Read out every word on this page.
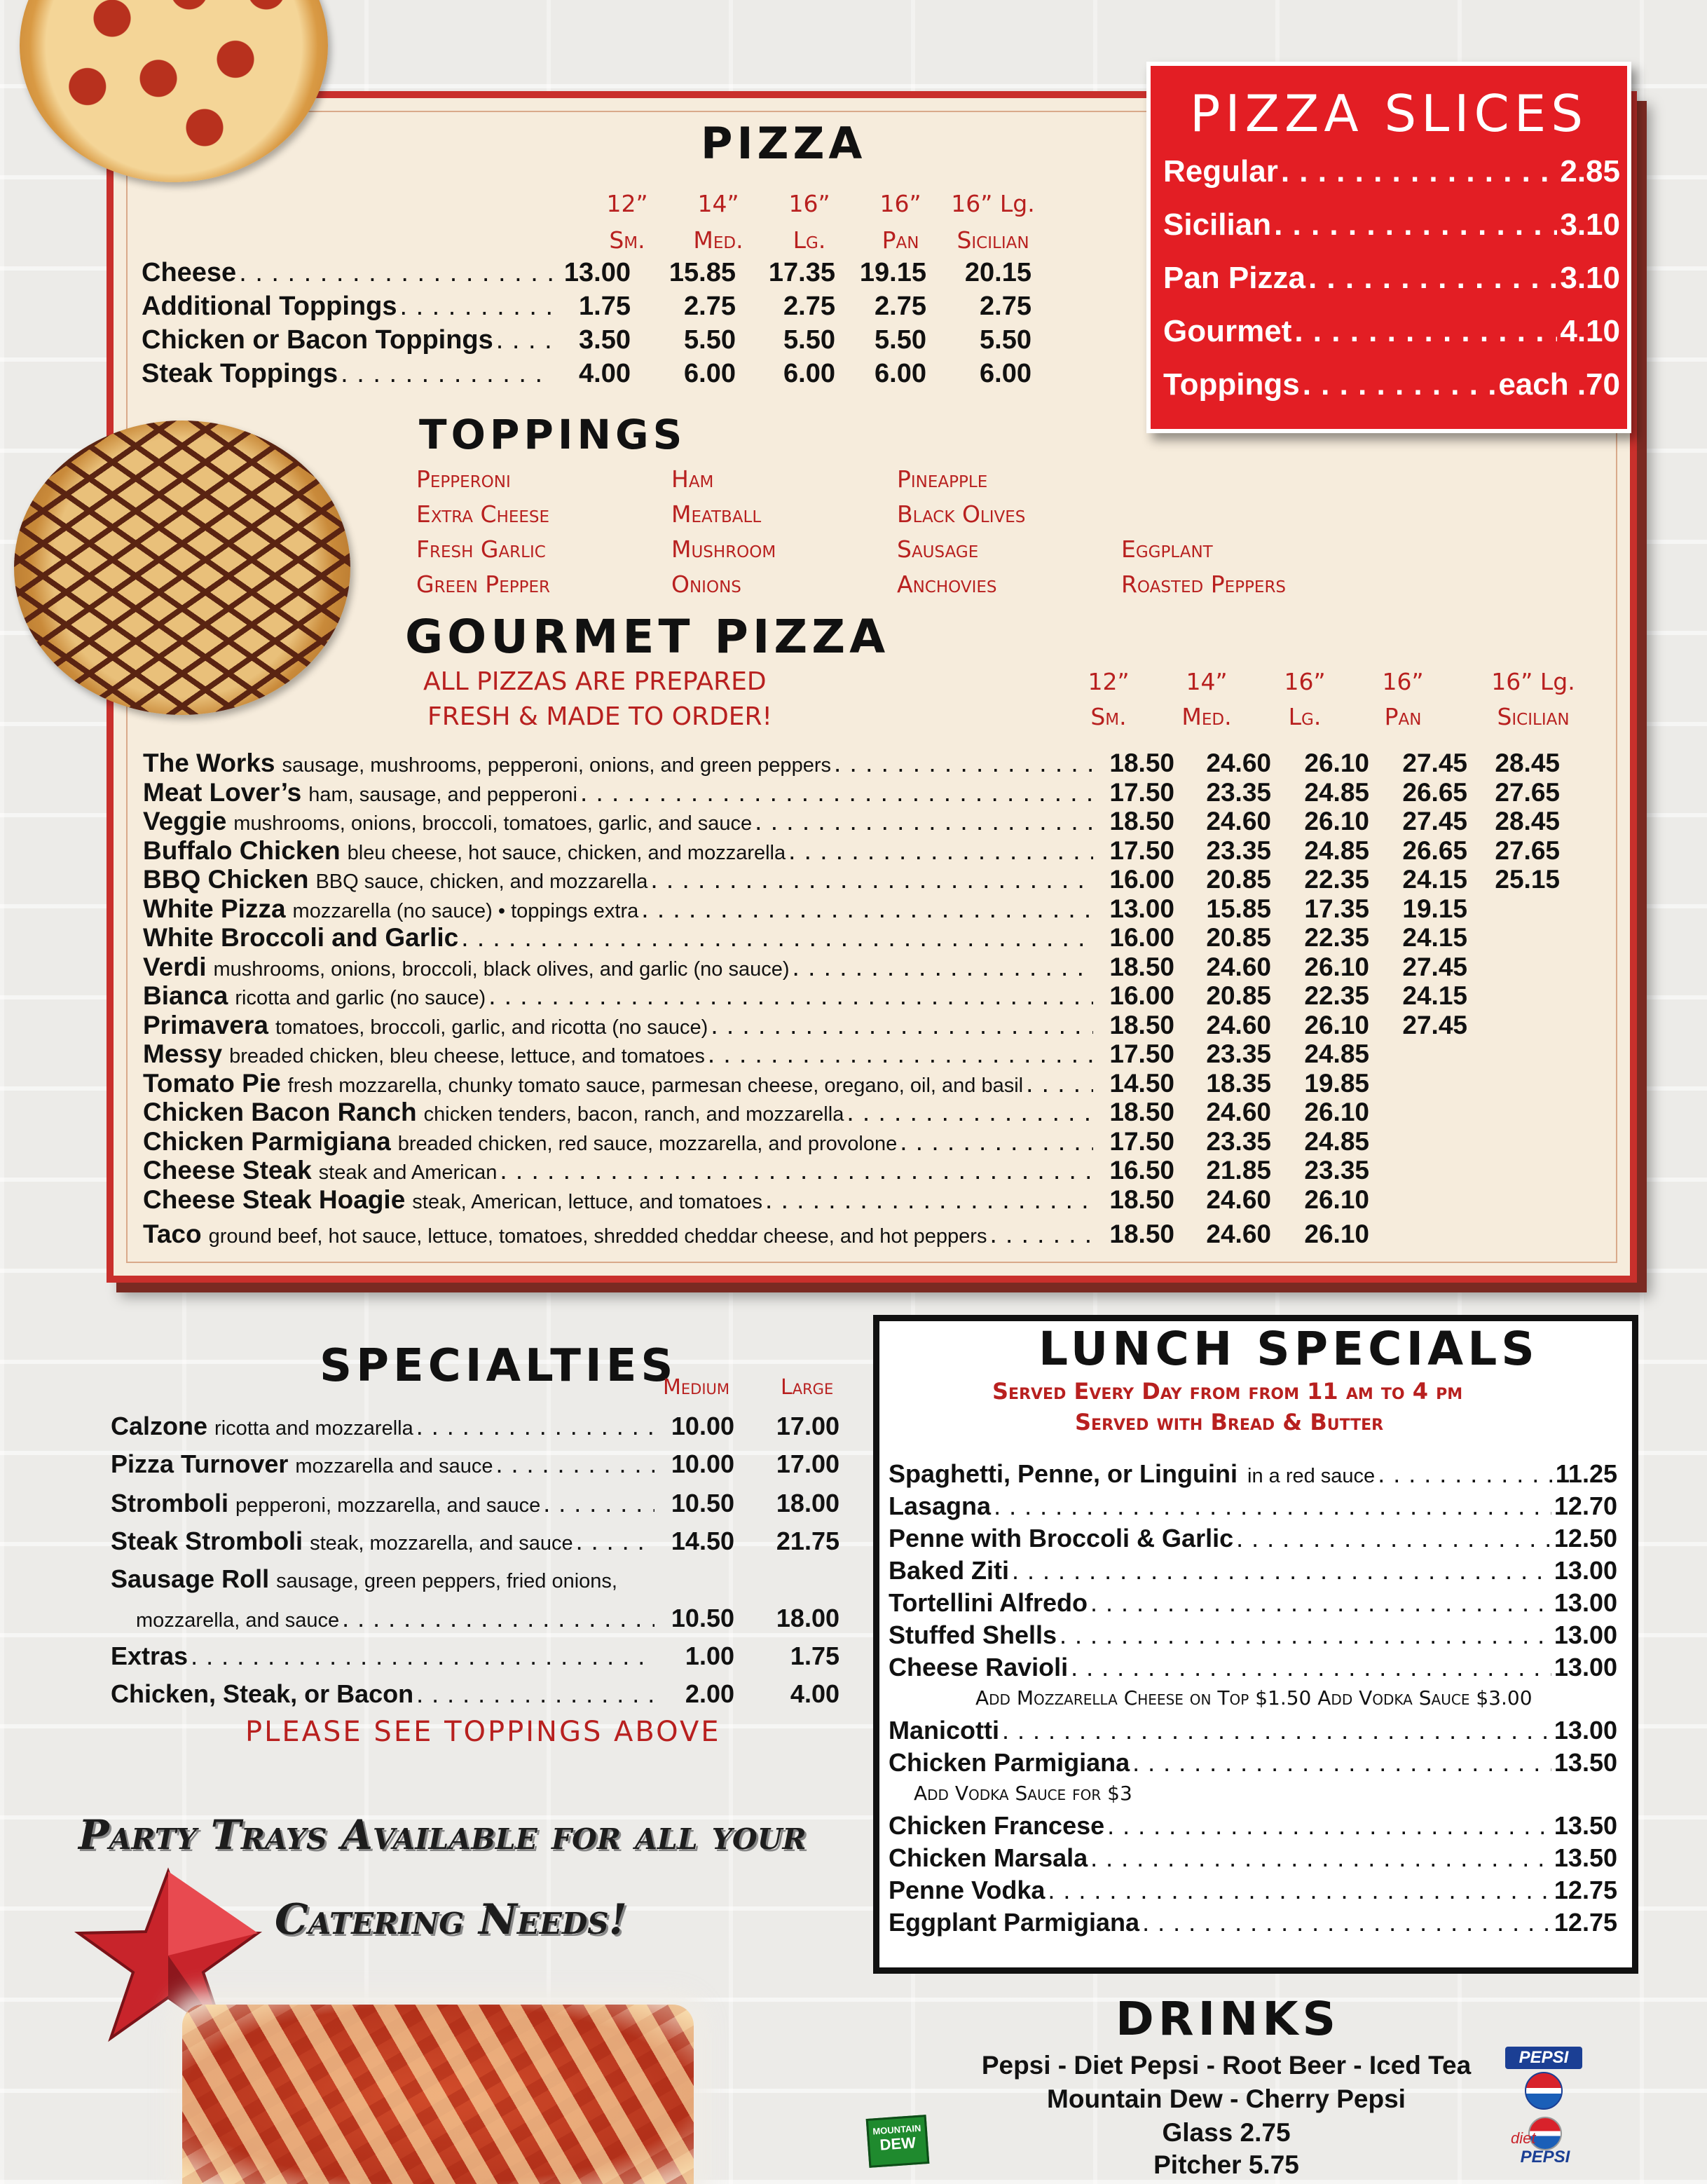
PIZZA
12”
Sm.
14”
Med.
16”
Lg.
16”
Pan
16” Lg.
Sicilian
Cheese . . .	13.00	15.85	17.35 19.15	20.15
Additional Toppings . . .	1.75	2.75	2.75	2.75	2.75
Chicken or Bacon Toppings . . .	3.50	5.50	5.50	5.50	5.50
Steak Toppings . . .	4.00	6.00	6.00	6.00	6.00
PIZZA SLICES
Regular . . .	2.85
Sicilian . . .	3.10
Pan Pizza . . .	3.10
Gourmet . . .	4.10
Toppings . . .	each .70
TOPPINGS
Pepperoni
Extra Cheese
Fresh Garlic
Green Pepper
Ham
Meatball
Mushroom
Onions
Pineapple
Black Olives
Sausage
Anchovies
Eggplant
Roasted Peppers
GOURMET PIZZA
ALL PIZZAS ARE PREPARED
FRESH & MADE TO ORDER!
12”
Sm.
14”
Med.
16”
Lg.
16”
Pan
16” Lg.
Sicilian
The Works sausage, mushrooms, pepperoni, onions, and green peppers . . .	18.50	24.60	26.10	27.45	28.45
Meat Lover’s ham, sausage, and pepperoni . . .	17.50	23.35	24.85	26.65	27.65
Veggie mushrooms, onions, broccoli, tomatoes, garlic, and sauce . . .	18.50	24.60	26.10	27.45	28.45
Buffalo Chicken bleu cheese, hot sauce, chicken, and mozzarella . . .	17.50	23.35	24.85	26.65	27.65
BBQ Chicken BBQ sauce, chicken, and mozzarella . . .	16.00	20.85	22.35	24.15	25.15
White Pizza mozzarella (no sauce) • toppings extra . . .	13.00	15.85	17.35	19.15
White Broccoli and Garlic . . .	16.00	20.85	22.35	24.15
Verdi mushrooms, onions, broccoli, black olives, and garlic (no sauce) . . .	18.50	24.60	26.10	27.45
Bianca ricotta and garlic (no sauce) . . .	16.00	20.85	22.35	24.15
Primavera tomatoes, broccoli, garlic, and ricotta (no sauce) . . .	18.50	24.60	26.10	27.45
Messy breaded chicken, bleu cheese, lettuce, and tomatoes . . .	17.50	23.35	24.85
Tomato Pie fresh mozzarella, chunky tomato sauce, parmesan cheese, oregano, oil, and basil . . .	14.50	18.35	19.85
Chicken Bacon Ranch chicken tenders, bacon, ranch, and mozzarella . . .	18.50	24.60	26.10
Chicken Parmigiana breaded chicken, red sauce, mozzarella, and provolone . . .	17.50	23.35	24.85
Cheese Steak steak and American . . .	16.50	21.85	23.35
Cheese Steak Hoagie steak, American, lettuce, and tomatoes . . .	18.50	24.60	26.10
Taco ground beef, hot sauce, lettuce, tomatoes, shredded cheddar cheese, and hot peppers . . .	18.50	24.60	26.10
SPECIALTIES
Medium Large
Calzone ricotta and mozzarella . . .	10.00	17.00
Pizza Turnover mozzarella and sauce . . .	10.00	17.00
Stromboli pepperoni, mozzarella, and sauce . . .	10.50	18.00
Steak Stromboli steak, mozzarella, and sauce . . .	14.50	21.75
Sausage Roll sausage, green peppers, fried onions,
mozzarella, and sauce . . .	10.50	18.00
Extras . . .	1.00	1.75
Chicken, Steak, or Bacon . . .	2.00	4.00
PLEASE SEE TOPPINGS ABOVE
Party Trays Available for all your
Catering Needs!
LUNCH SPECIALS
Served Every Day from from 11 am to 4 pm
Served with Bread & Butter
Spaghetti, Penne, or Linguini in a red sauce . . .	11.25
Lasagna . . .	12.70
Penne with Broccoli & Garlic . . .	12.50
Baked Ziti . . .	13.00
Tortellini Alfredo . . .	13.00
Stuffed Shells . . .	13.00
Cheese Ravioli . . .	13.00
Add Mozzarella Cheese on Top $1.50 Add Vodka Sauce $3.00
Manicotti . . .	13.00
Chicken Parmigiana . . .	13.50
Add Vodka Sauce for $3
Chicken Francese . . .	13.50
Chicken Marsala . . .	13.50
Penne Vodka . . .	12.75
Eggplant Parmigiana . . .	12.75
DRINKS
Pepsi - Diet Pepsi - Root Beer - Iced Tea
Mountain Dew - Cherry Pepsi
Glass 2.75
Pitcher 5.75
PEPSI
diet
PEPSI
MOUNTAIN
DEW
